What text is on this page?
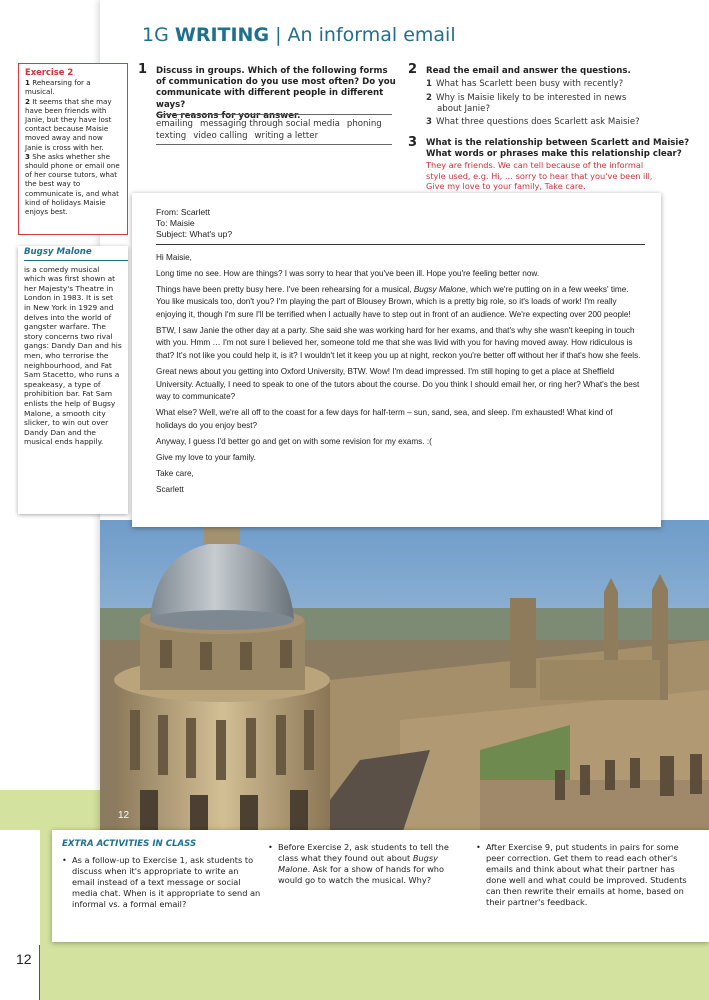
12
1G WRITING | An informal email
1 Discuss in groups. Which of the following forms
of communication do you use most often? Do you
communicate with different people in different ways?
Give reasons for your answer.
emailing messaging through social media phoning
texting video calling writing a letter
2 Read the email and answer the questions.
1 What has Scarlett been busy with recently?
2 Why is Maisie likely to be interested in news
about Janie?
3 What three questions does Scarlett ask Maisie?
3 What is the relationship between Scarlett and Maisie?
What words or phrases make this relationship clear?
12
They are friends. We can tell because of the informal
style used, e.g. Hi, … sorry to hear that you've been ill,
Give my love to your family, Take care.
From: Scarlett
To: Maisie
Subject: What's up?

Hi Maisie,

Long time no see. How are things? I was sorry to hear that you've been ill. Hope you're feeling better now.

Things have been pretty busy here. I've been rehearsing for a musical, Bugsy Malone, which we're putting on in a few weeks' time. You like musicals too, don't you? I'm playing the part of Blousey Brown, which is a pretty big role, so it's loads of work! I'm really enjoying it, though I'm sure I'll be terrified when I actually have to step out in front of an audience. We're expecting over 200 people!

BTW, I saw Janie the other day at a party. She said she was working hard for her exams, and that's why she wasn't keeping in touch with you. Hmm … I'm not sure I believed her, someone told me that she was livid with you for having moved away. How ridiculous is that? It's not like you could help it, is it? I wouldn't let it keep you up at night, reckon you're better off without her if that's how she feels.

Great news about you getting into Oxford University, BTW. Wow! I'm dead impressed. I'm still hoping to get a place at Sheffield University. Actually, I need to speak to one of the tutors about the course. Do you think I should email her, or ring her? What's the best way to communicate?

What else? Well, we're all off to the coast for a few days for half-term – sun, sand, sea, and sleep. I'm exhausted! What kind of holidays do you enjoy best?

Anyway, I guess I'd better go and get on with some revision for my exams. :(

Give my love to your family.

Take care,

Scarlett

Exercise 2
1 Rehearsing for a musical.
2 It seems that she may have been friends with Janie, but they have lost contact because Maisie moved away and now Janie is cross with her.
3 She asks whether she should phone or email one of her course tutors, what the best way to communicate is, and what kind of holidays Maisie enjoys best.
Bugsy Malone
is a comedy musical which was first shown at her Majesty's Theatre in London in 1983. It is set in New York in 1929 and delves into the world of gangster warfare. The story concerns two rival gangs: Dandy Dan and his men, who terrorise the neighbourhood, and Fat Sam Stacetto, who runs a speakeasy, a type of prohibition bar. Fat Sam enlists the help of Bugsy Malone, a smooth city slicker, to win out over Dandy Dan and the musical ends happily.
EXTRA ACTIVITIES IN CLASS
• As a follow-up to Exercise 1, ask students to discuss when it's appropriate to write an email instead of a text message or social media chat. When is it appropriate to send an informal vs. a formal email?
• Before Exercise 2, ask students to tell the class what they found out about Bugsy Malone. Ask for a show of hands for who would go to watch the musical. Why?
• After Exercise 9, put students in pairs for some peer correction. Get them to read each other's emails and think about what their partner has done well and what could be improved. Students can then rewrite their emails at home, based on their partner's feedback.
